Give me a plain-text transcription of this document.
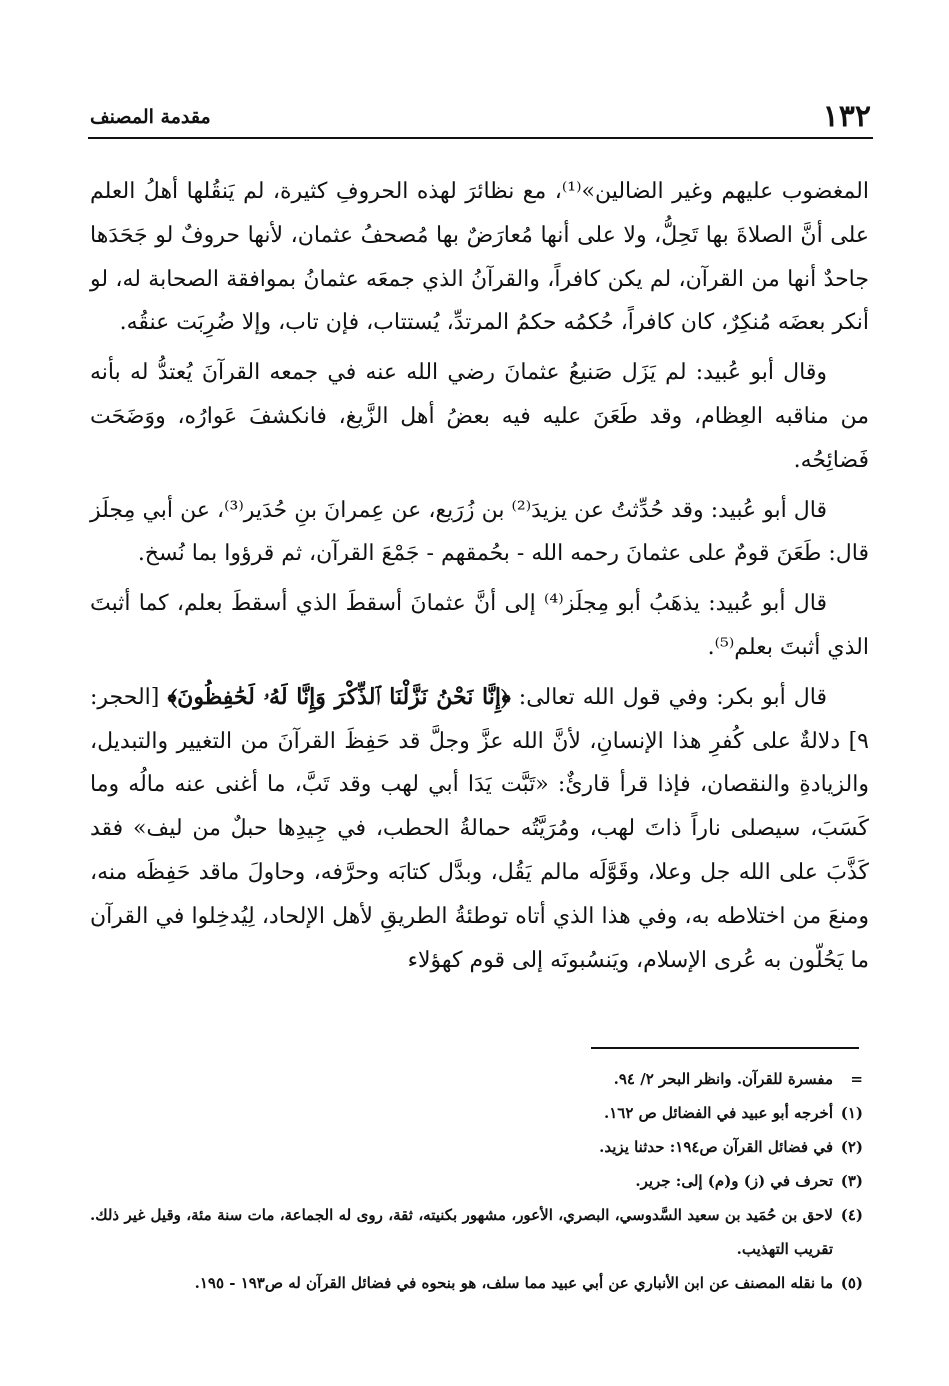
١٣٢
مقدمة المصنف

المغضوب عليهم وغير الضالين»⁽¹⁾، مع نظائرَ لهذه الحروفِ كثيرة، لم يَنقُلها أهلُ العلم على أنَّ الصلاةَ بها تَحِلُّ، ولا على أنها مُعارَضٌ بها مُصحفُ عثمان، لأنها حروفٌ لو جَحَدَها جاحدٌ أنها من القرآن، لم يكن كافراً، والقرآنُ الذي جمعَه عثمانُ بموافقة الصحابة له، لو أنكر بعضَه مُنكِرٌ، كان كافراً، حُكمُه حكمُ المرتدِّ، يُستتاب، فإن تاب، وإلا ضُرِبَت عنقُه.

وقال أبو عُبيد: لم يَزَل صَنيعُ عثمانَ رضي الله عنه في جمعه القرآنَ يُعتدُّ له بأنه من مناقبه العِظام، وقد طَعَنَ عليه فيه بعضُ أهل الزَّيغ، فانكشفَ عَوارُه، ووَضَحَت فَضائِحُه.

قال أبو عُبيد: وقد حُدِّثتُ عن يزيدَ⁽²⁾ بن زُرَيع، عن عِمرانَ بنِ حُدَير⁽³⁾، عن أبي مِجلَز قال: طَعَنَ قومٌ على عثمانَ رحمه الله - بحُمقهم - جَمْعَ القرآن، ثم قرؤوا بما نُسخ.

قال أبو عُبيد: يذهَبُ أبو مِجلَز⁽⁴⁾ إلى أنَّ عثمانَ أسقطَ الذي أسقطَ بعلم، كما أثبتَ الذي أثبتَ بعلم⁽⁵⁾.

قال أبو بكر: وفي قول الله تعالى: ﴿إِنَّا نَحْنُ نَزَّلْنَا ٱلذِّكْرَ وَإِنَّا لَهُۥ لَحَٰفِظُونَ﴾ [الحجر: ٩] دلالةٌ على كُفرِ هذا الإنسانِ، لأنَّ الله عزَّ وجلَّ قد حَفِظَ القرآنَ من التغيير والتبديل، والزيادةِ والنقصان، فإذا قرأ قارئٌ: «تَبَّت يَدَا أبي لهب وقد تَبَّ، ما أغنى عنه مالُه وما كَسَبَ، سيصلى ناراً ذاتَ لهب، ومُرَيَّتُه حمالةُ الحطب، في جِيدِها حبلٌ من ليف» فقد كَذَّبَ على الله جل وعلا، وقَوَّلَه مالم يَقُل، وبدَّل كتابَه وحرَّفه، وحاولَ ماقد حَفِظَه منه، ومنعَ من اختلاطه به، وفي هذا الذي أتاه توطئةُ الطريقِ لأهل الإلحاد، لِيُدخِلوا في القرآن ما يَحُلّون به عُرى الإسلام، ويَنسُبونَه إلى قوم كهؤلاء

=
مفسرة للقرآن. وانظر البحر ٢/ ٩٤.
(١)
أخرجه أبو عبيد في الفضائل ص ١٦٢.
(٢)
في فضائل القرآن ص١٩٤: حدثنا يزيد.
(٣)
تحرف في (ز) و(م) إلى: جرير.
(٤)
لاحق بن حُمَيد بن سعيد السَّدوسي، البصري، الأعور، مشهور بكنيته، ثقة، روى له الجماعة، مات سنة مئة، وقيل غير ذلك. تقريب التهذيب.
(٥)
ما نقله المصنف عن ابن الأنباري عن أبي عبيد مما سلف، هو بنحوه في فضائل القرآن له ص١٩٣ - ١٩٥.
